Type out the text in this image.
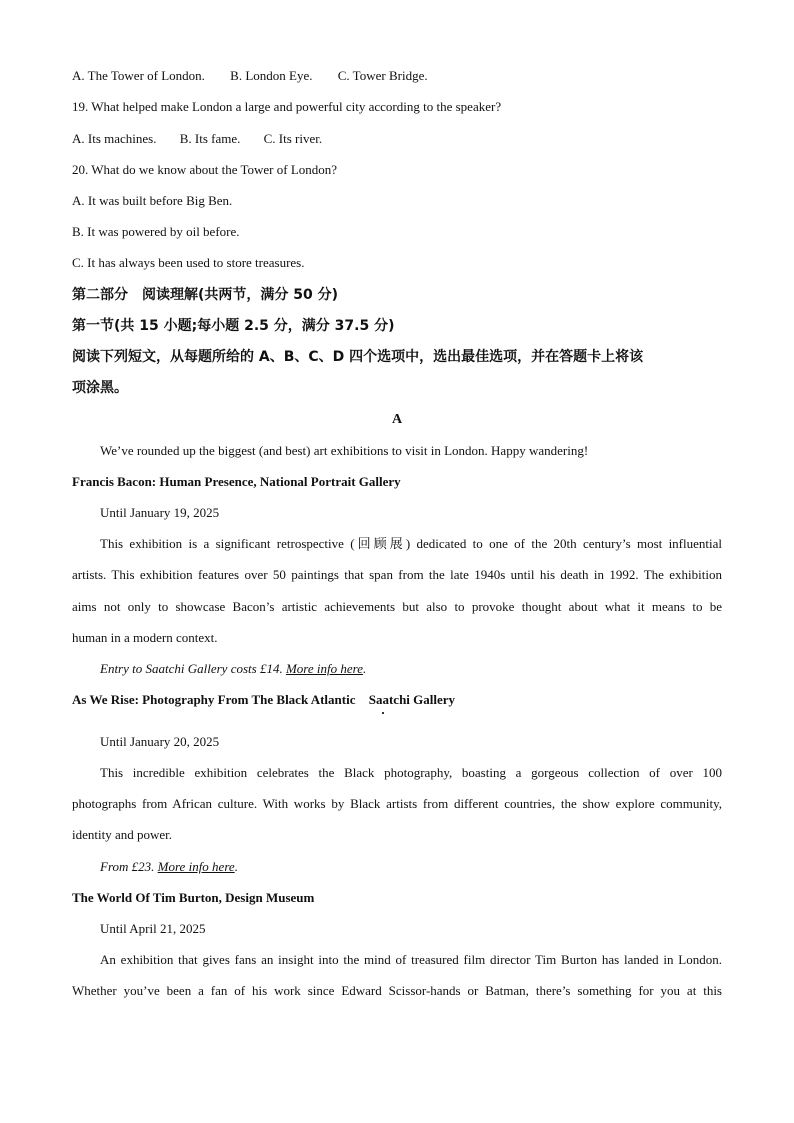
A. The Tower of London. B. London Eye. C. Tower Bridge.
19. What helped make London a large and powerful city according to the speaker?
A. Its machines. B. Its fame. C. Its river.
20. What do we know about the Tower of London?
A. It was built before Big Ben.
B. It was powered by oil before.
C. It has always been used to store treasures.
第二部分　阅读理解(共两节，满分 50 分)
第一节(共 15 小题;每小题 2.5 分，满分 37.5 分)
阅读下列短文，从每题所给的 A、B、C、D 四个选项中，选出最佳选项，并在答题卡上将该
项涂黑。
A
We’ve rounded up the biggest (and best) art exhibitions to visit in London. Happy wandering!
Francis Bacon: Human Presence, National Portrait Gallery
Until January 19, 2025
This exhibition is a significant retrospective (回顾展) dedicated to one of the 20th century’s most influential
artists. This exhibition features over 50 paintings that span from the late 1940s until his death in 1992. The exhibition
aims not only to showcase Bacon’s artistic achievements but also to provoke thought about what it means to be
human in a modern context.
Entry to Saatchi Gallery costs £14. More info here.
As We Rise: Photography From The Black Atlantic Saatchi Gallery
Until January 20, 2025
This incredible exhibition celebrates the Black photography, boasting a gorgeous collection of over 100
photographs from African culture. With works by Black artists from different countries, the show explore community,
identity and power.
From £23. More info here.
The World Of Tim Burton, Design Museum
Until April 21, 2025
An exhibition that gives fans an insight into the mind of treasured film director Tim Burton has landed in London.
Whether you’ve been a fan of his work since Edward Scissor-hands or Batman, there’s something for you at this
